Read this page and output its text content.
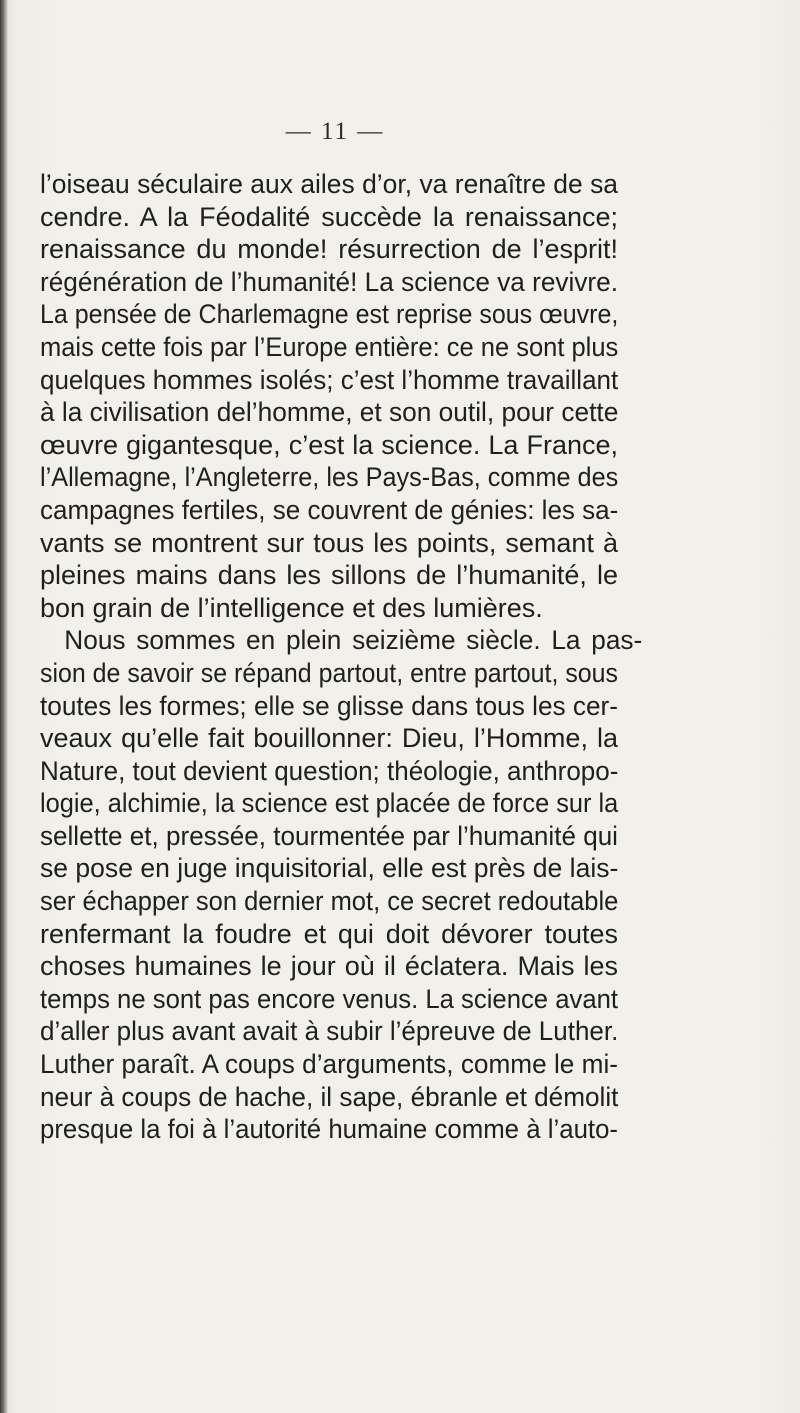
— 11 —
l’oiseau séculaire aux ailes d’or, va renaître de sa
cendre. A la Féodalité succède la renaissance;
renaissance du monde! résurrection de l’esprit!
régénération de l’humanité! La science va revivre.
La pensée de Charlemagne est reprise sous œuvre,
mais cette fois par l’Europe entière: ce ne sont plus
quelques hommes isolés; c’est l’homme travaillant
à la civilisation del’homme, et son outil, pour cette
œuvre gigantesque, c’est la science. La France,
l’Allemagne, l’Angleterre, les Pays-Bas, comme des
campagnes fertiles, se couvrent de génies: les sa-
vants se montrent sur tous les points, semant à
pleines mains dans les sillons de l’humanité, le
bon grain de l’intelligence et des lumières.
Nous sommes en plein seizième siècle. La pas-
sion de savoir se répand partout, entre partout, sous
toutes les formes; elle se glisse dans tous les cer-
veaux qu’elle fait bouillonner: Dieu, l’Homme, la
Nature, tout devient question; théologie, anthropo-
logie, alchimie, la science est placée de force sur la
sellette et, pressée, tourmentée par l’humanité qui
se pose en juge inquisitorial, elle est près de lais-
ser échapper son dernier mot, ce secret redoutable
renfermant la foudre et qui doit dévorer toutes
choses humaines le jour où il éclatera. Mais les
temps ne sont pas encore venus. La science avant
d’aller plus avant avait à subir l’épreuve de Luther.
Luther paraît. A coups d’arguments, comme le mi-
neur à coups de hache, il sape, ébranle et démolit
presque la foi à l’autorité humaine comme à l’auto-
